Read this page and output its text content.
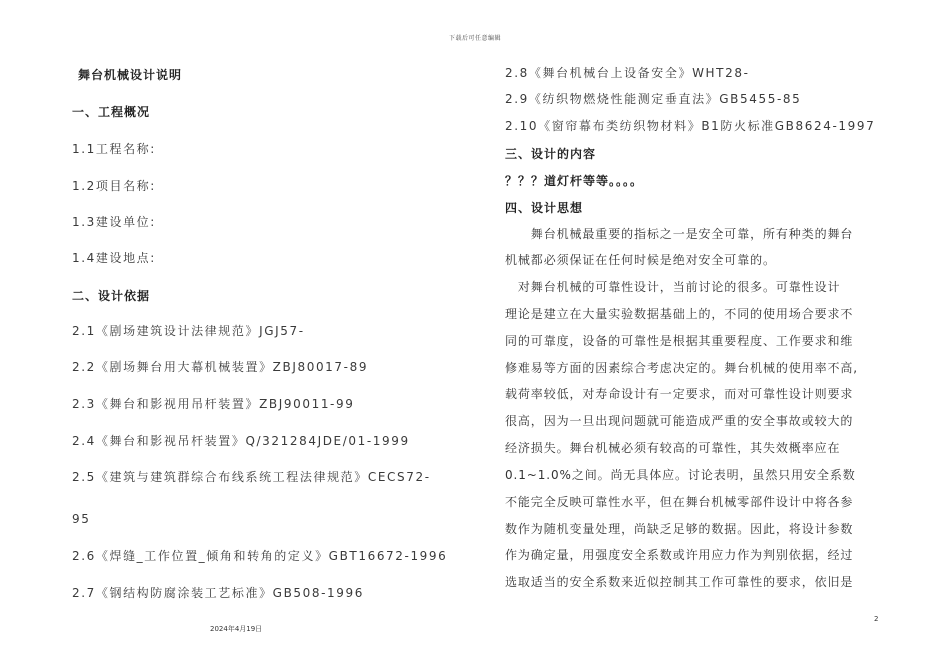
下载后可任意编辑
舞台机械设计说明
一、工程概况
1.1工程名称:
1.2项目名称:
1.3建设单位:
1.4建设地点:
二、设计依据
2.1《剧场建筑设计法律规范》JGJ57-
2.2《剧场舞台用大幕机械装置》ZBJ80017-89
2.3《舞台和影视用吊杆装置》ZBJ90011-99
2.4《舞台和影视吊杆装置》Q/321284JDE/01-1999
2.5《建筑与建筑群综合布线系统工程法律规范》CECS72-
95
2.6《焊缝_工作位置_倾角和转角的定义》GBT16672-1996
2.7《钢结构防腐涂装工艺标准》GB508-1996
2.8《舞台机械台上设备安全》WHT28-
2.9《纺织物燃烧性能测定垂直法》GB5455-85
2.10《窗帘幕布类纺织物材料》B1防火标准GB8624-1997
三、设计的内容
？？？道灯杆等等。。。。
四、设计思想
　　舞台机械最重要的指标之一是安全可靠，所有种类的舞台
机械都必须保证在任何时候是绝对安全可靠的。
　对舞台机械的可靠性设计，当前讨论的很多。可靠性设计
理论是建立在大量实验数据基础上的，不同的使用场合要求不
同的可靠度，设备的可靠性是根据其重要程度、工作要求和维
修难易等方面的因素综合考虑决定的。舞台机械的使用率不高,
载荷率较低，对寿命设计有一定要求，而对可靠性设计则要求
很高，因为一旦出现问题就可能造成严重的安全事故或较大的
经济损失。舞台机械必须有较高的可靠性，其失效概率应在
0.1~1.0%之间。尚无具体应。讨论表明，虽然只用安全系数
不能完全反映可靠性水平，但在舞台机械零部件设计中将各参
数作为随机变量处理，尚缺乏足够的数据。因此，将设计参数
作为确定量，用强度安全系数或许用应力作为判别依据，经过
选取适当的安全系数来近似控制其工作可靠性的要求，依旧是
2024年4月19日
2
